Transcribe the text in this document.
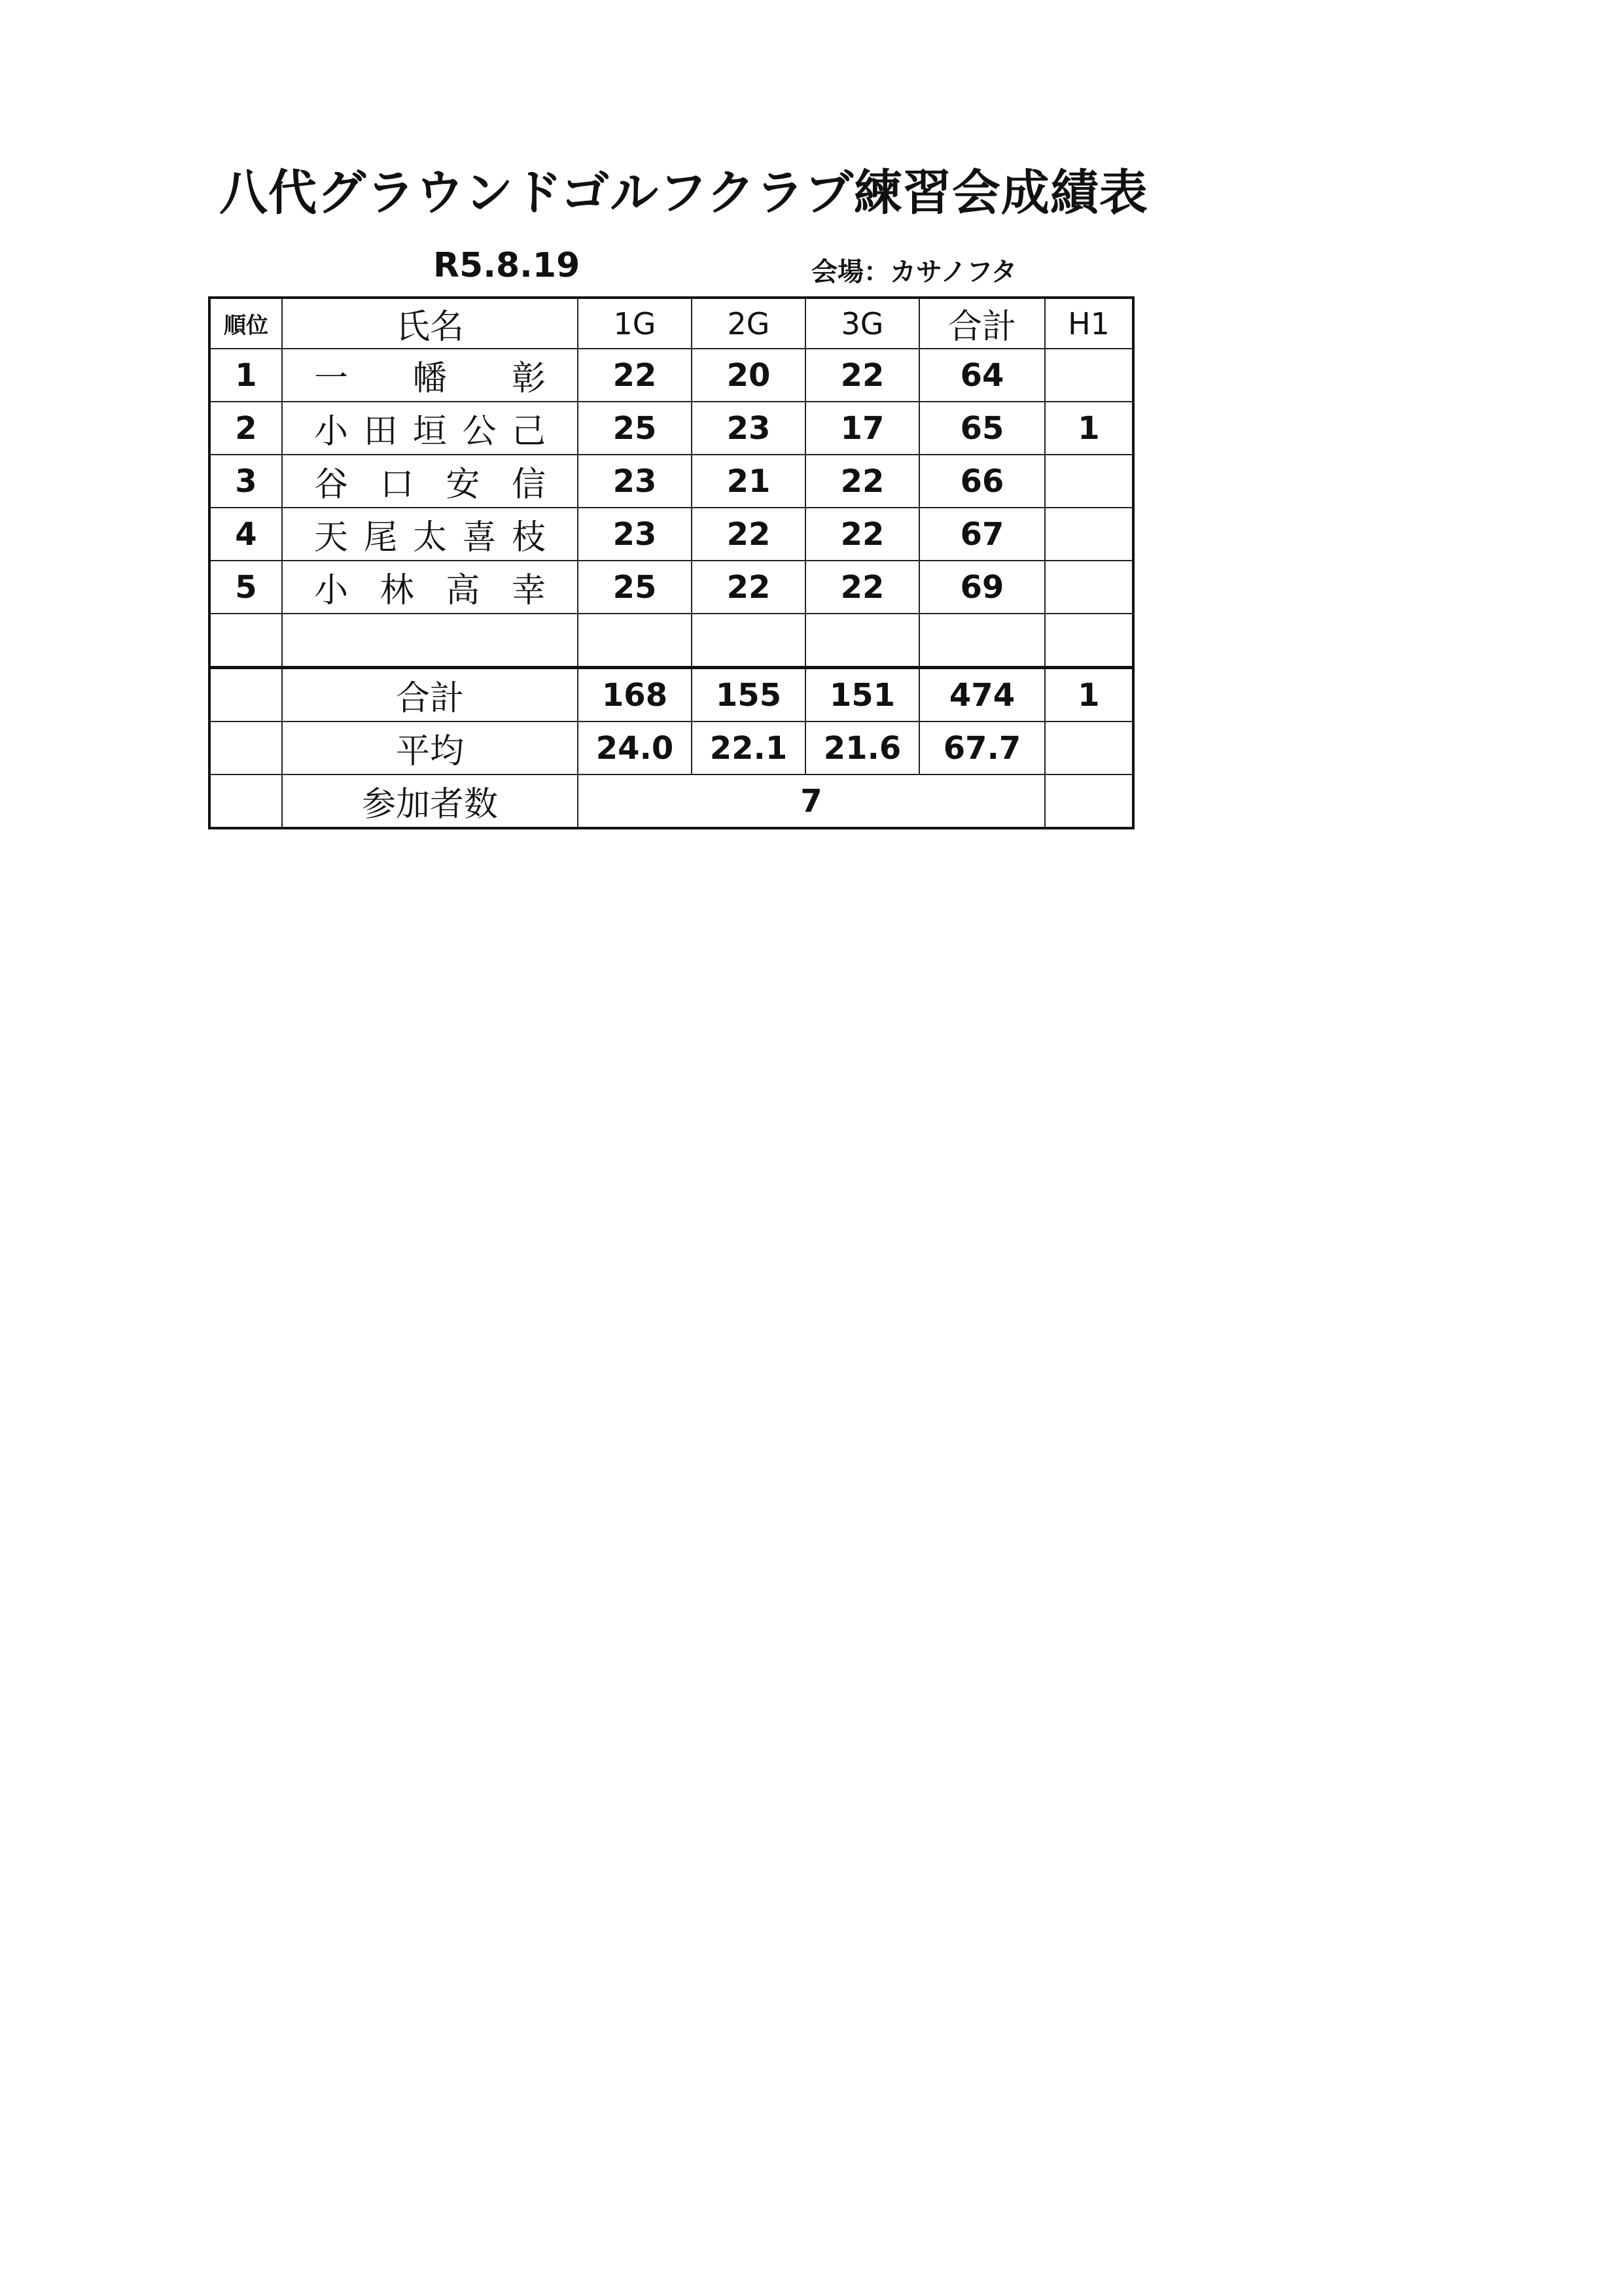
八代グラウンドゴルフクラブ練習会成績表
R5.8.19	会場：カサノフタ
順位	氏名	1G	2G	3G	合計	H1
1	一幡彰	22	20	22	64	
2	小田垣公己	25	23	17	65	1
3	谷口安信	23	21	22	66	
4	天尾太喜枝	23	22	22	67	
5	小林高幸	25	22	22	69	

	合計	168	155	151	474	1
	平均	24.0	22.1	21.6	67.7	
	参加者数	7				
